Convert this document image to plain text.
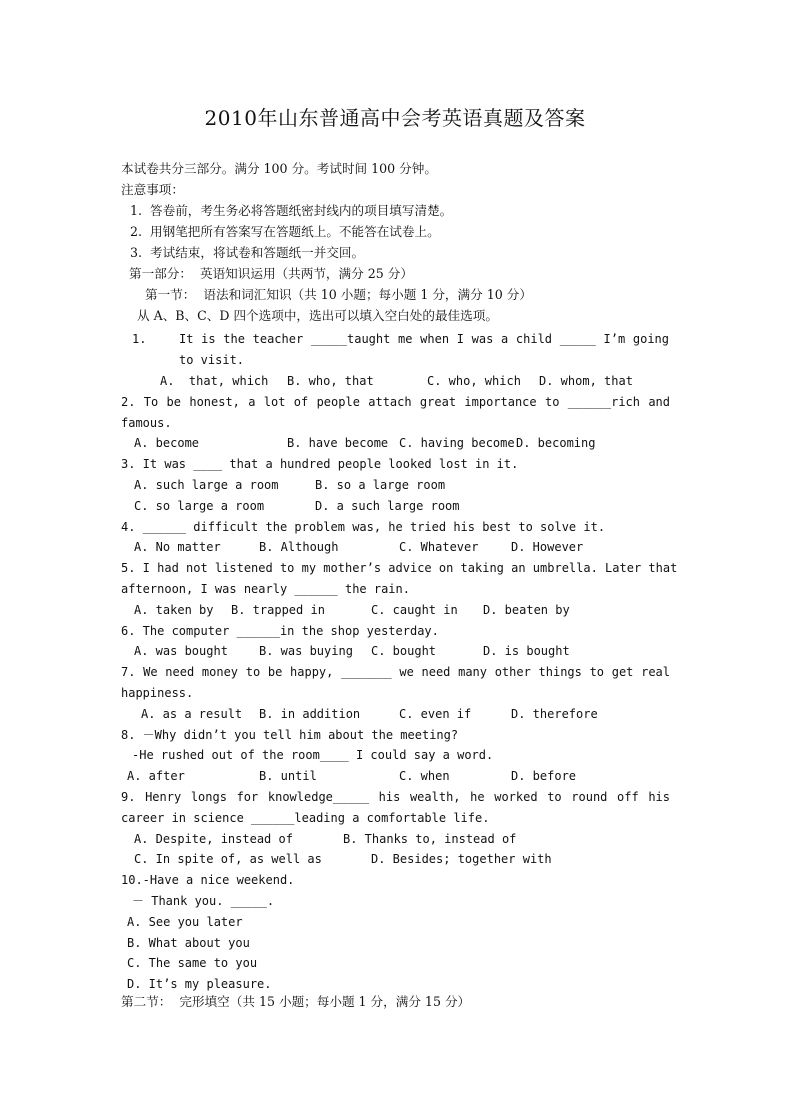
2010年山东普通高中会考英语真题及答案
本试卷共分三部分。满分 100 分。考试时间 100 分钟。
注意事项：
1.  答卷前，考生务必将答题纸密封线内的项目填写清楚。
2.  用钢笔把所有答案写在答题纸上。不能答在试卷上。
3.  考试结束，将试卷和答题纸一并交回。
第一部分：  英语知识运用（共两节，满分 25 分）
第一节：  语法和词汇知识（共 10 小题；每小题 1 分，满分 10 分）
从 A、B、C、D 四个选项中，选出可以填入空白处的最佳选项。
1.	It is the teacher _____taught me when I was a child _____ I’m going
to visit.
A.  that, which B. who, that	C. who, which D. whom, that
2. To be honest, a lot of people attach great importance to ______rich and
famous.
A. become	B. have become C. having become D. becoming
3. It was ____ that a hundred people looked lost in it.
A. such large a room	B. so a large room
C. so large a room	D. a such large room
4. ______ difficult the problem was, he tried his best to solve it.
A. No matter	B. Although	C. Whatever	D. However
5. I had not listened to my mother’s advice on taking an umbrella. Later that
afternoon, I was nearly ______ the rain.
A. taken by B. trapped in	C. caught in D. beaten by
6. The computer ______in the shop yesterday.
A. was bought	B. was buying C. bought	D. is bought
7. We need money to be happy, _______ we need many other things to get real
happiness.
A. as a result B. in addition	C. even if	D. therefore
8. －Why didn’t you tell him about the meeting?
-He rushed out of the room____ I could say a word.
A. after	B. until	C. when	D. before
9. Henry longs for knowledge_____ his wealth, he worked to round off his
career in science ______leading a comfortable life.
A. Despite, instead of	B. Thanks to, instead of
C. In spite of, as well as	D. Besides; together with
10.-Have a nice weekend.
－ Thank you. _____.
A. See you later
B. What about you
C. The same to you
D. It’s my pleasure.
第二节：  完形填空（共 15 小题；每小题 1 分，满分 15 分）
